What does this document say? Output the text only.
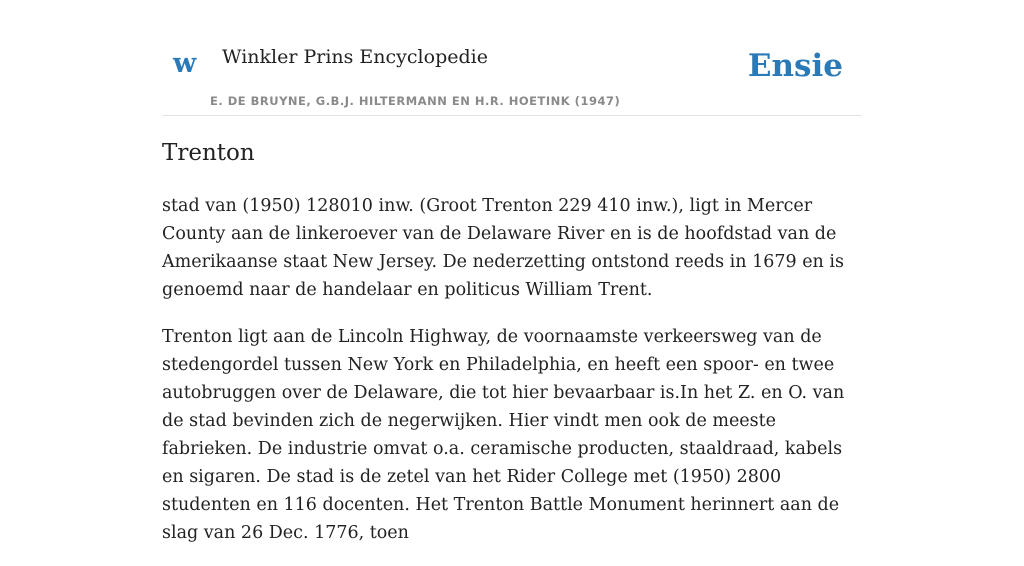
w Winkler Prins Encyclopedie
E. DE BRUYNE, G.B.J. HILTERMANN EN H.R. HOETINK (1947)
Ensie
Trenton

stad van (1950) 128010 inw. (Groot Trenton 229 410 inw.), ligt in Mercer County aan de linkeroever van de Delaware River en is de hoofdstad van de Amerikaanse staat New Jersey. De nederzetting ontstond reeds in 1679 en is genoemd naar de handelaar en politicus William Trent.

Trenton ligt aan de Lincoln Highway, de voornaamste verkeersweg van de stedengordel tussen New York en Philadelphia, en heeft een spoor- en twee autobruggen over de Delaware, die tot hier bevaarbaar is.In het Z. en O. van de stad bevinden zich de negerwijken. Hier vindt men ook de meeste fabrieken. De industrie omvat o.a. ceramische producten, staaldraad, kabels en sigaren. De stad is de zetel van het Rider College met (1950) 2800 studenten en 116 docenten. Het Trenton Battle Monument herinnert aan de slag van 26 Dec. 1776, toen
